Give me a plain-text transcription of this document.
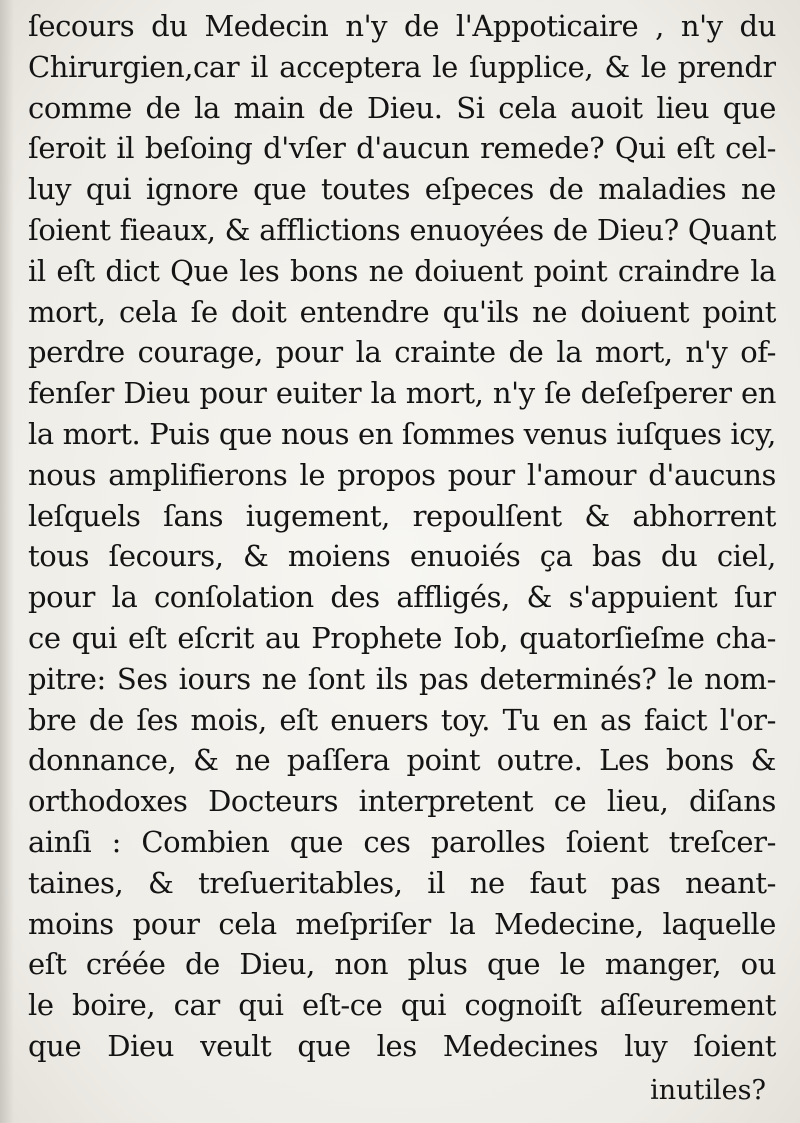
ſecours du Medecin n'y de l'Appoticaire , n'y du
Chirurgien,car il acceptera le ſupplice, & le prendr
comme de la main de Dieu. Si cela auoit lieu que
ſeroit il beſoing d'vſer d'aucun remede? Qui eſt cel-
luy qui ignore que toutes eſpeces de maladies ne
ſoient fieaux, & afflictions enuoyées de Dieu? Quant
il eſt dict Que les bons ne doiuent point craindre la
mort, cela ſe doit entendre qu'ils ne doiuent point
perdre courage, pour la crainte de la mort, n'y of-
fenſer Dieu pour euiter la mort, n'y ſe deſeſperer en
la mort. Puis que nous en ſommes venus iuſques icy,
nous amplifierons le propos pour l'amour d'aucuns
leſquels ſans iugement, repoulſent & abhorrent
tous ſecours, & moiens enuoiés ça bas du ciel,
pour la conſolation des affligés, & s'appuient ſur
ce qui eſt eſcrit au Prophete Iob, quatorſieſme cha-
pitre: Ses iours ne ſont ils pas determinés? le nom-
bre de ſes mois, eſt enuers toy. Tu en as faict l'or-
donnance, & ne paſſera point outre. Les bons &
orthodoxes Docteurs interpretent ce lieu, diſans
ainſi : Combien que ces parolles ſoient treſcer-
taines, & treſueritables, il ne faut pas neant-
moins pour cela meſpriſer la Medecine, laquelle
eſt créée de Dieu, non plus que le manger, ou
le boire, car qui eſt-ce qui cognoiſt aſſeurement
que Dieu veult que les Medecines luy ſoient
inutiles?
